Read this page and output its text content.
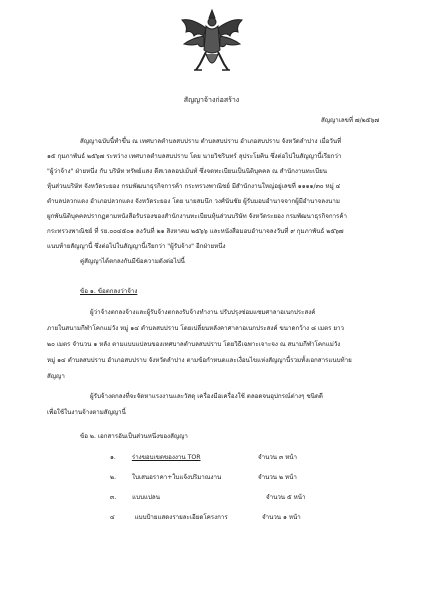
สัญญาจ้างก่อสร้าง
สัญญาเลขที่ ๗/๒๕๖๗
สัญญาฉบับนี้ทำขึ้น ณ เทศบาลตำบลสบปราบ ตำบลสบปราบ อำเภอสบปราบ จังหวัดลำปาง เมื่อวันที่
๑๕ กุมภาพันธ์ ๒๕๖๗ ระหว่าง เทศบาลตำบลสบปราบ โดย นายวิชรินทร์ ลุประโยคิน ซึ่งต่อไปในสัญญานี้เรียกว่า
"ผู้ว่าจ้าง" ฝ่ายหนึ่ง กับ บริษัท ทรัพย์แสง ดีสเวลลอปเม้นท์ ซึ่งจดทะเบียนเป็นนิติบุคคล ณ สำนักงานทะเบียน
หุ้นส่วนบริษัท จังหวัดระยอง กรมพัฒนาธุรกิจการค้า กระทรวงพาณิชย์ มีสำนักงานใหญ่อยู่เลขที่ ๑๑๑๑/๓๐ หมู่ ๔
ตำบลปลวกแดง อำเภอปลวกแดง จังหวัดระยอง โดย นายสมนึก วงศ์นันชัย ผู้รับมอบอำนาจจากผู้มีอำนาจลงนาม
ผูกพันนิติบุคคลปรากฏตามหนังสือรับรองของสำนักงานทะเบียนหุ้นส่วนบริษัท จังหวัดระยอง กรมพัฒนาธุรกิจการค้า
กระทรวงพาณิชย์ ที่ รย.๐๐๔๕๐๑ ลงวันที่ ๒๑ สิงหาคม ๒๕๖๖ และหนังสือมอบอำนาจลงวันที่ ๙ กุมภาพันธ์ ๒๕๖๗
แนบท้ายสัญญานี้ ซึ่งต่อไปในสัญญานี้เรียกว่า "ผู้รับจ้าง" อีกฝ่ายหนึ่ง
คู่สัญญาได้ตกลงกันมีข้อความดังต่อไปนี้
ข้อ ๑. ข้อตกลงว่าจ้าง
ผู้ว่าจ้างตกลงจ้างและผู้รับจ้างตกลงรับจ้างทำงาน ปรับปรุงซ่อมแซมศาลาอเนกประสงค์
ภายในสนามกีฬาโคกแม่วัง หมู่ ๑๔ ตำบลสบปราบ โดยเปลี่ยนหลังคาศาลาอเนกประสงค์ ขนาดกว้าง ๘ เมตร ยาว
๒๐ เมตร จำนวน ๑ หลัง ตามแบบแปลนของเทศบาลตำบลสบปราบ โดยวิธีเฉพาะเจาะจง ณ สนามกีฬาโคกแม่วัง
หมู่ ๑๔ ตำบลสบปราบ อำเภอสบปราบ จังหวัดลำปาง ตามข้อกำหนดและเงื่อนไขแห่งสัญญานี้รวมทั้งเอกสารแนบท้าย
สัญญา
ผู้รับจ้างตกลงที่จะจัดหาแรงงานและวัสดุ เครื่องมือเครื่องใช้ ตลอดจนอุปกรณ์ต่างๆ ชนิดดี
เพื่อใช้ในงานจ้างตามสัญญานี้
ข้อ ๒. เอกสารอันเป็นส่วนหนึ่งของสัญญา
๑.	ร่างขอบเขตของงาน TOR	จำนวน ๓ หน้า
๒.	ใบเสนอราคา+ใบแจ้งปริมาณงาน	จำนวน ๒ หน้า
๓.	แบบแปลน	จำนวน ๕ หน้า
๔	แบบป้ายแสดงรายละเอียดโครงการ	จำนวน ๑ หน้า
